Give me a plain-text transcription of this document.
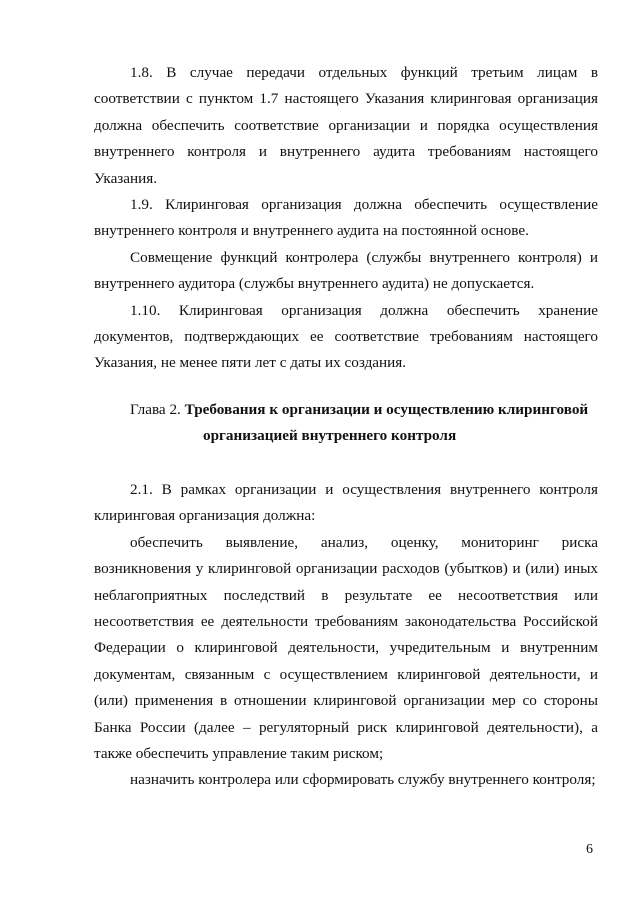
1.8. В случае передачи отдельных функций третьим лицам в соответствии с пунктом 1.7 настоящего Указания клиринговая организация должна обеспечить соответствие организации и порядка осуществления внутреннего контроля и внутреннего аудита требованиям настоящего Указания.

1.9. Клиринговая организация должна обеспечить осуществление внутреннего контроля и внутреннего аудита на постоянной основе.

Совмещение функций контролера (службы внутреннего контроля) и внутреннего аудитора (службы внутреннего аудита) не допускается.

1.10. Клиринговая организация должна обеспечить хранение документов, подтверждающих ее соответствие требованиям настоящего Указания, не менее пяти лет с даты их создания.

Глава 2. Требования к организации и осуществлению клиринговой
организацией внутреннего контроля

2.1. В рамках организации и осуществления внутреннего контроля клиринговая организация должна:

обеспечить выявление, анализ, оценку, мониторинг риска возникновения у клиринговой организации расходов (убытков) и (или) иных неблагоприятных последствий в результате ее несоответствия или несоответствия ее деятельности требованиям законодательства Российской Федерации о клиринговой деятельности, учредительным и внутренним документам, связанным с осуществлением клиринговой деятельности, и (или) применения в отношении клиринговой организации мер со стороны Банка России (далее – регуляторный риск клиринговой деятельности), а также обеспечить управление таким риском;

назначить контролера или сформировать службу внутреннего контроля;

6
